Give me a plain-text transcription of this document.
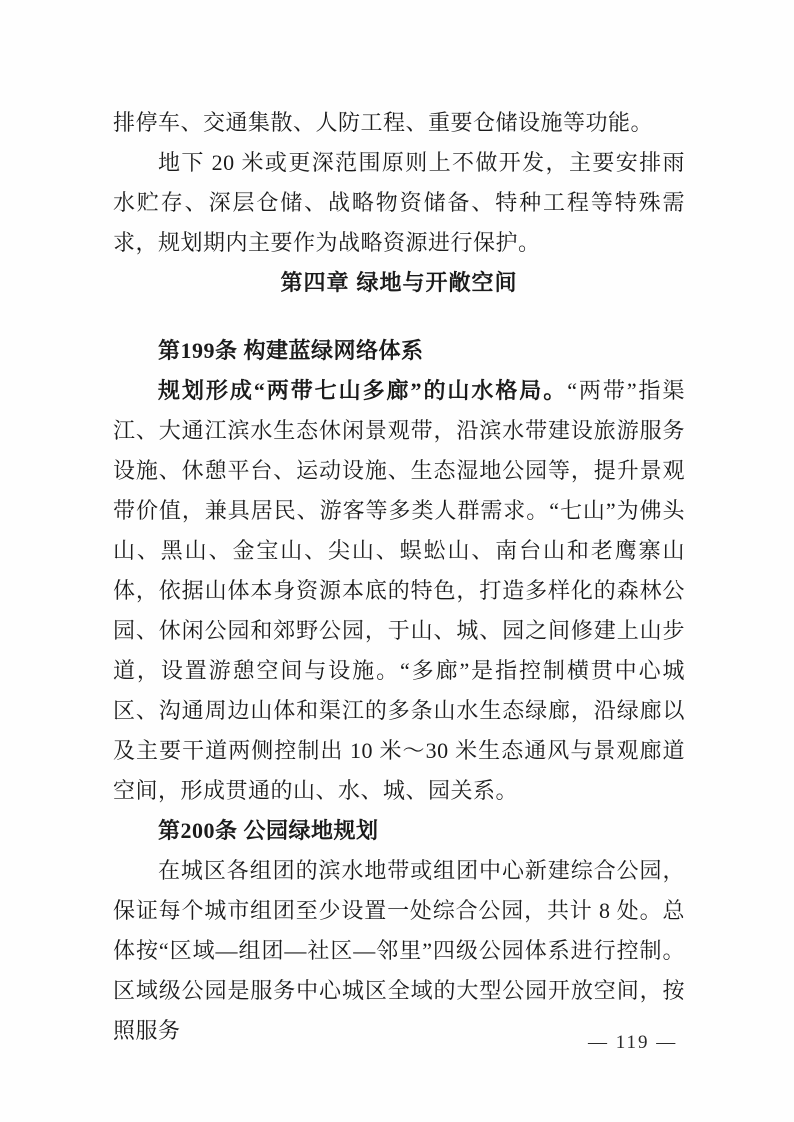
排停车、交通集散、人防工程、重要仓储设施等功能。

地下 20 米或更深范围原则上不做开发，主要安排雨水贮存、深层仓储、战略物资储备、特种工程等特殊需求，规划期内主要作为战略资源进行保护。

第四章 绿地与开敞空间
第199条 构建蓝绿网络体系

规划形成“两带七山多廊”的山水格局。“两带”指渠江、大通江滨水生态休闲景观带，沿滨水带建设旅游服务设施、休憩平台、运动设施、生态湿地公园等，提升景观带价值，兼具居民、游客等多类人群需求。“七山”为佛头山、黑山、金宝山、尖山、蜈蚣山、南台山和老鹰寨山体，依据山体本身资源本底的特色，打造多样化的森林公园、休闲公园和郊野公园，于山、城、园之间修建上山步道，设置游憩空间与设施。“多廊”是指控制横贯中心城区、沟通周边山体和渠江的多条山水生态绿廊，沿绿廊以及主要干道两侧控制出 10 米～30 米生态通风与景观廊道空间，形成贯通的山、水、城、园关系。

第200条 公园绿地规划

在城区各组团的滨水地带或组团中心新建综合公园，保证每个城市组团至少设置一处综合公园，共计 8 处。总体按“区域—组团—社区—邻里”四级公园体系进行控制。区域级公园是服务中心城区全域的大型公园开放空间，按照服务	— 119 —
